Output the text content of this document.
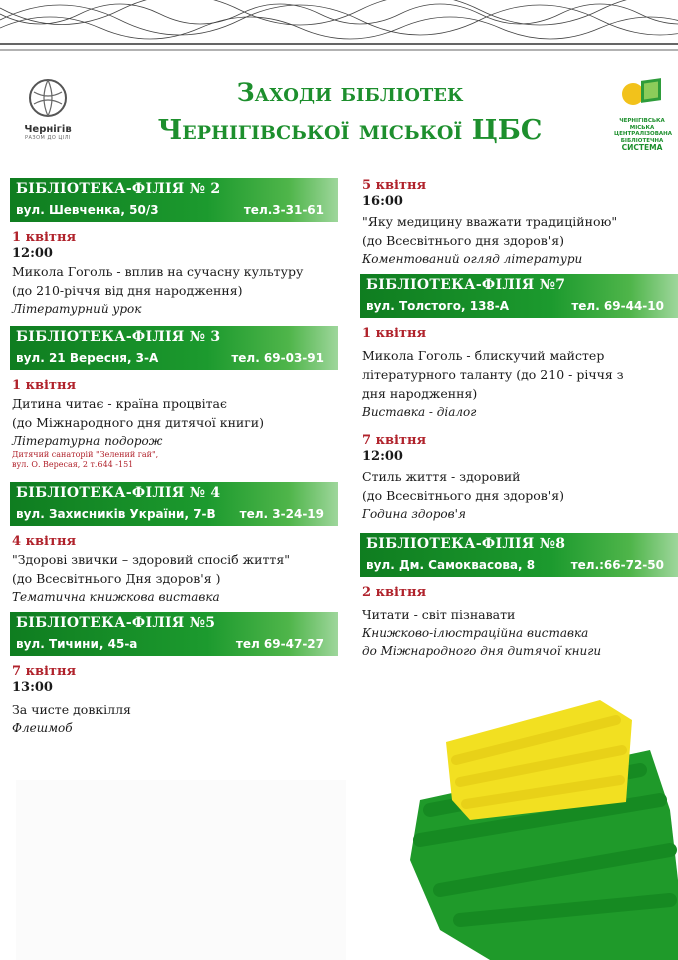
Чернігів
РАЗОМ ДО ЦІЛІ
ЧЕРНІГІВСЬКА
МІСЬКА ЦЕНТРАЛІЗОВАНА
БІБЛІОТЕЧНА
СИСТЕМА
Заходи бібліотек
Чернігівської міської ЦБС
БІБЛІОТЕКА-ФІЛІЯ № 2
вул. Шевченка, 50/3	тел.3-31-61
1 квітня
12:00
Микола Гоголь - вплив на сучасну культуру
(до 210-річчя від дня народження)
Літературний урок
БІБЛІОТЕКА-ФІЛІЯ № 3
вул. 21 Вересня, 3-А	тел. 69-03-91
1 квітня
Дитина читає - країна процвітає
(до Міжнародного дня дитячої книги)
Літературна подорож
Дитячий санаторій "Зелений гай",
вул. О. Вересая, 2 т.644 -151
БІБЛІОТЕКА-ФІЛІЯ № 4
вул. Захисників України, 7-В тел. 3-24-19
4 квітня
"Здорові звички – здоровий спосіб життя"
(до Всесвітнього Дня здоров'я )
Тематична книжкова виставка
БІБЛІОТЕКА-ФІЛІЯ №5
вул. Тичини, 45-а	тел 69-47-27
7 квітня
13:00
За чисте довкілля
Флешмоб
5 квітня
16:00
"Яку медицину вважати традиційною"
(до Всесвітнього дня здоров'я)
Коментований огляд літератури
БІБЛІОТЕКА-ФІЛІЯ №7
вул. Толстого, 138-А	тел. 69-44-10
1 квітня
Микола Гоголь - блискучий майстер
літературного таланту (до 210 - річчя з
дня народження)
Виставка - діалог
7 квітня
12:00
Стиль життя - здоровий
(до Всесвітнього дня здоров'я)
Година здоров'я
БІБЛІОТЕКА-ФІЛІЯ №8
вул. Дм. Самоквасова, 8	тел.:66-72-50
2 квітня
Читати - світ пізнавати
Книжково-ілюстраційна виставка
до Міжнародного дня дитячої книги
